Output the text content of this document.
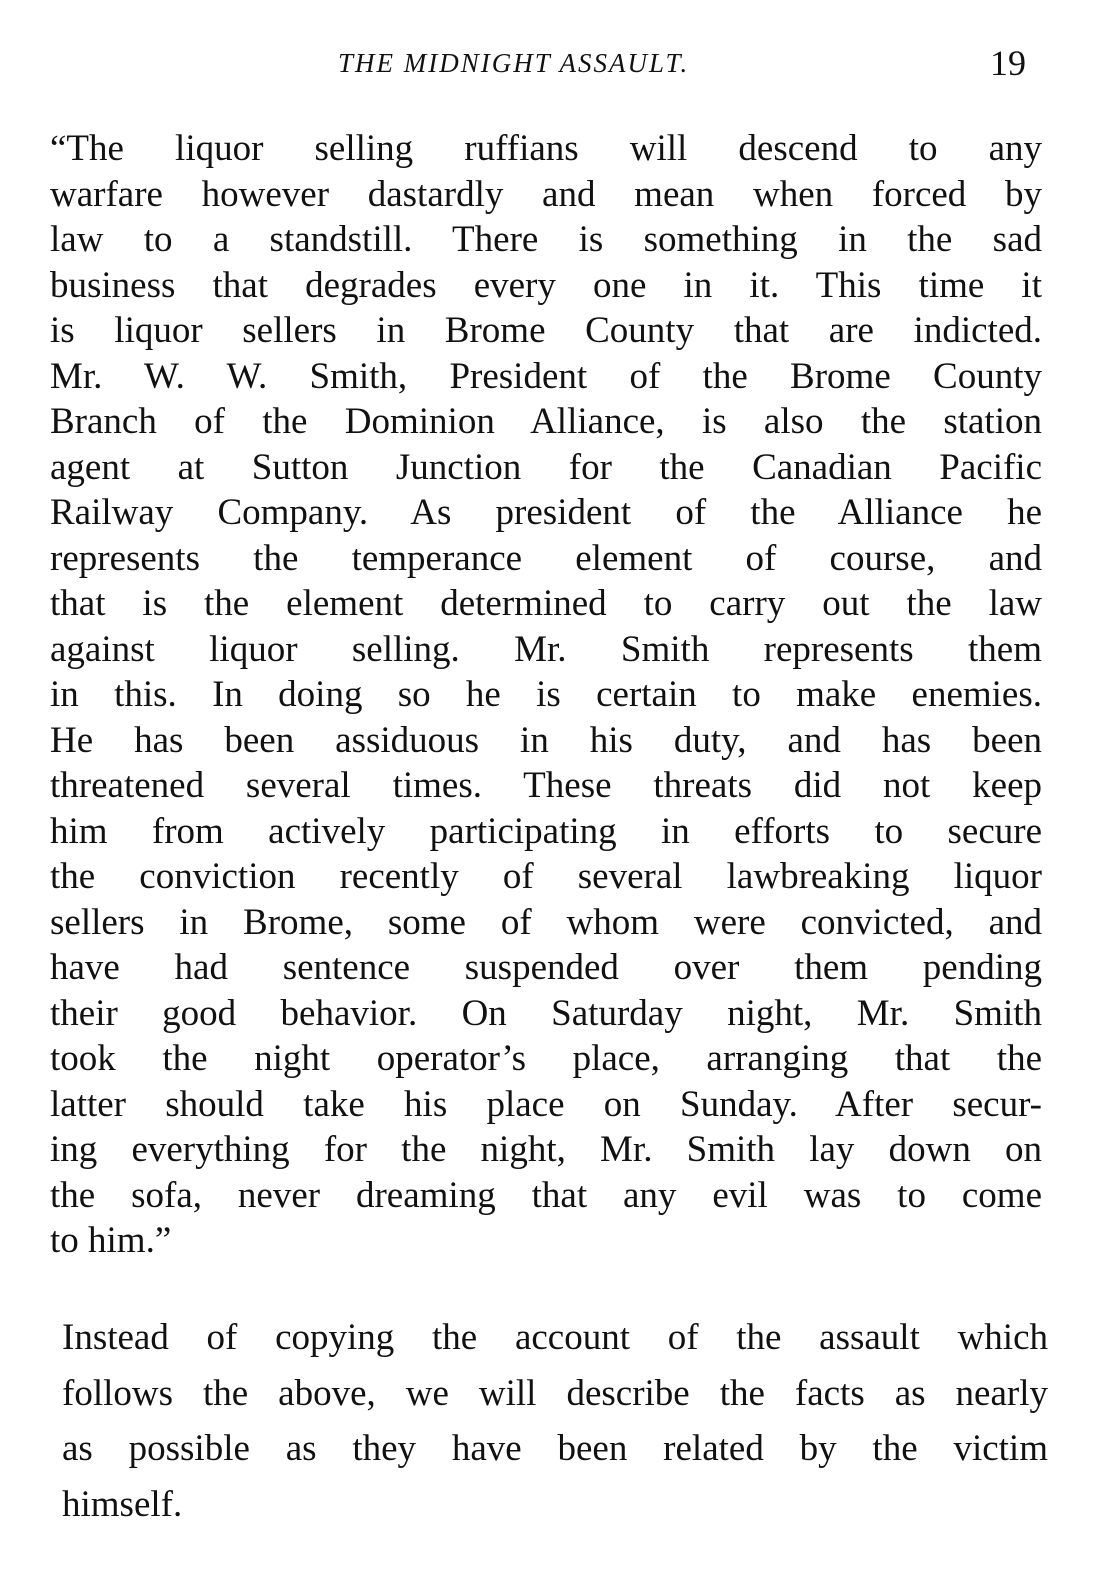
THE MIDNIGHT ASSAULT.	19
“The liquor selling ruffians will descend to any
warfare however dastardly and mean when forced by
law to a standstill. There is something in the sad
business that degrades every one in it. This time it
is liquor sellers in Brome County that are indicted.
Mr. W. W. Smith, President of the Brome County
Branch of the Dominion Alliance, is also the station
agent at Sutton Junction for the Canadian Pacific
Railway Company. As president of the Alliance he
represents the temperance element of course, and
that is the element determined to carry out the law
against liquor selling. Mr. Smith represents them
in this. In doing so he is certain to make enemies.
He has been assiduous in his duty, and has been
threatened several times. These threats did not keep
him from actively participating in efforts to secure
the conviction recently of several lawbreaking liquor
sellers in Brome, some of whom were convicted, and
have had sentence suspended over them pending
their good behavior. On Saturday night, Mr. Smith
took the night operator’s place, arranging that the
latter should take his place on Sunday. After secur-
ing everything for the night, Mr. Smith lay down on
the sofa, never dreaming that any evil was to come
to him.”
Instead of copying the account of the assault which
follows the above, we will describe the facts as nearly
as possible as they have been related by the victim
himself.
